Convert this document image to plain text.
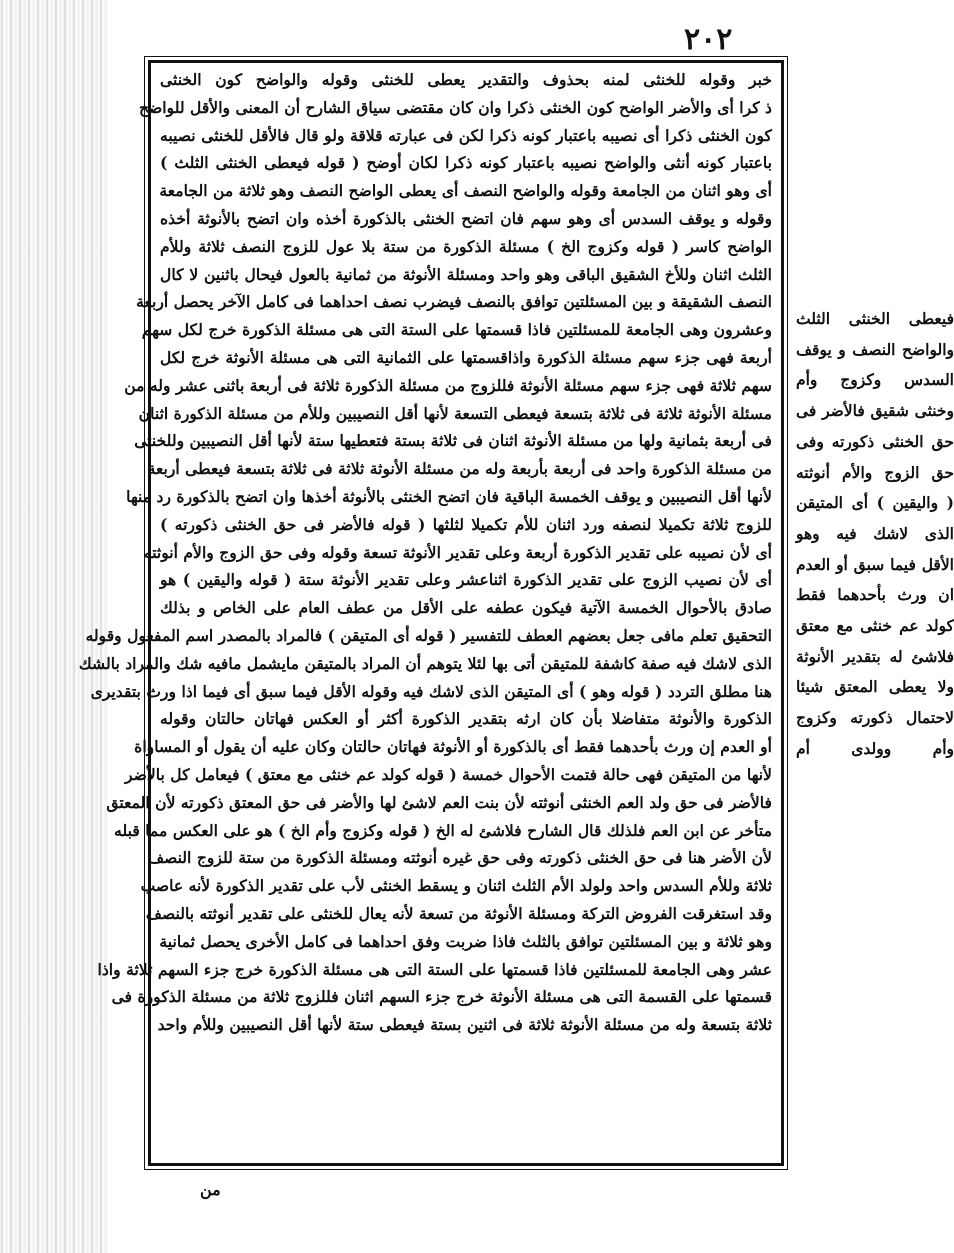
٢٠٢
خبر وقوله للخنثى لمنه بحذوف والتقدير يعطى للخنثى وقوله والواضح كون الخنثى
ذ كرا أى والأضر الواضح كون الخنثى ذكرا وان كان مقتضى سياق الشارح أن المعنى والأقل للواضح
كون الخنثى ذكرا أى نصيبه باعتبار كونه ذكرا لكن فى عبارته قلاقة ولو قال فالأقل للخنثى نصيبه
باعتبار كونه أنثى والواضح نصيبه باعتبار كونه ذكرا لكان أوضح ( قوله فيعطى الخنثى الثلث )
أى وهو اثنان من الجامعة وقوله والواضح النصف أى يعطى الواضح النصف وهو ثلاثة من الجامعة
وقوله و يوقف السدس أى وهو سهم فان اتضح الخنثى بالذكورة أخذه وان اتضح بالأنوثة أخذه
الواضح كاسر ( قوله وكزوج الخ ) مسئلة الذكورة من ستة بلا عول للزوج النصف ثلاثة وللأم
الثلث اثنان وللأخ الشقيق الباقى وهو واحد ومسئلة الأنوثة من ثمانية بالعول فيحال باثنين لا كال
النصف الشقيقة و بين المسئلتين توافق بالنصف فيضرب نصف احداهما فى كامل الآخر يحصل أربعة
وعشرون وهى الجامعة للمسئلتين فاذا قسمتها على الستة التى هى مسئلة الذكورة خرج لكل سهم
أربعة فهى جزء سهم مسئلة الذكورة واذاقسمتها على الثمانية التى هى مسئلة الأنوثة خرج لكل
سهم ثلاثة فهى جزء سهم مسئلة الأنوثة فللزوج من مسئلة الذكورة ثلاثة فى أربعة باثنى عشر وله من
مسئلة الأنوثة ثلاثة فى ثلاثة بتسعة فيعطى التسعة لأنها أقل النصيبين وللأم من مسئلة الذكورة اثنان
فى أربعة بثمانية ولها من مسئلة الأنوثة اثنان فى ثلاثة بستة فتعطيها ستة لأنها أقل النصيبين وللخنثى
من مسئلة الذكورة واحد فى أربعة بأربعة وله من مسئلة الأنوثة ثلاثة فى ثلاثة بتسعة فيعطى أربعة
لأنها أقل النصيبين و يوقف الخمسة الباقية فان اتضح الخنثى بالأنوثة أخذها وان اتضح بالذكورة رد منها
للزوج ثلاثة تكميلا لنصفه ورد اثنان للأم تكميلا لثلثها ( قوله فالأضر فى حق الخنثى ذكورته )
أى لأن نصيبه على تقدير الذكورة أربعة وعلى تقدير الأنوثة تسعة وقوله وفى حق الزوج والأم أنوثته
أى لأن نصيب الزوج على تقدير الذكورة اثناعشر وعلى تقدير الأنوثة ستة ( قوله واليقين ) هو
صادق بالأحوال الخمسة الآتية فيكون عطفه على الأقل من عطف العام على الخاص و بذلك
التحقيق تعلم مافى جعل بعضهم العطف للتفسير ( قوله أى المتيقن ) فالمراد بالمصدر اسم المفعول وقوله
الذى لاشك فيه صفة كاشفة للمتيقن أتى بها لئلا يتوهم أن المراد بالمتيقن مايشمل مافيه شك والمراد بالشك
هنا مطلق التردد ( قوله وهو ) أى المتيقن الذى لاشك فيه وقوله الأقل فيما سبق أى فيما اذا ورث بتقديرى
الذكورة والأنوثة متفاضلا بأن كان ارثه بتقدير الذكورة أكثر أو العكس فهاتان حالتان وقوله
أو العدم إن ورث بأحدهما فقط أى بالذكورة أو الأنوثة فهاتان حالتان وكان عليه أن يقول أو المساواة
لأنها من المتيقن فهى حالة فتمت الأحوال خمسة ( قوله كولد عم خنثى مع معتق ) فيعامل كل بالأضر
فالأضر فى حق ولد العم الخنثى أنوثته لأن بنت العم لاشئ لها والأضر فى حق المعتق ذكورته لأن المعتق
متأخر عن ابن العم فلذلك قال الشارح فلاشئ له الخ ( قوله وكزوج وأم الخ ) هو على العكس مما قبله
لأن الأضر هنا فى حق الخنثى ذكورته وفى حق غيره أنوثته ومسئلة الذكورة من ستة للزوج النصف
ثلاثة وللأم السدس واحد ولولد الأم الثلث اثنان و يسقط الخنثى لأب على تقدير الذكورة لأنه عاصب
وقد استغرقت الفروض التركة ومسئلة الأنوثة من تسعة لأنه يعال للخنثى على تقدير أنوثته بالنصف
وهو ثلاثة و بين المسئلتين توافق بالثلث فاذا ضربت وفق احداهما فى كامل الأخرى يحصل ثمانية
عشر وهى الجامعة للمسئلتين فاذا قسمتها على الستة التى هى مسئلة الذكورة خرج جزء السهم ثلاثة واذا
قسمتها على القسمة التى هى مسئلة الأنوثة خرج جزء السهم اثنان فللزوج ثلاثة من مسئلة الذكورة فى
ثلاثة بتسعة وله من مسئلة الأنوثة ثلاثة فى اثنين بستة فيعطى ستة لأنها أقل النصيبين وللأم واحد
من
فيعطى الخنثى الثلث
والواضح النصف و يوقف
السدس وكزوج وأم
وخنثى شقيق فالأضر فى
حق الخنثى ذكورته وفى
حق الزوج والأم أنوثته
( واليقين ) أى المتيقن
الذى لاشك فيه وهو
الأقل فيما سبق أو العدم
ان ورث بأحدهما فقط
كولد عم خنثى مع معتق
فلاشئ له بتقدير الأنوثة
ولا يعطى المعتق شيئا
لاحتمال ذكورته وكزوج
وأم وولدى أم
